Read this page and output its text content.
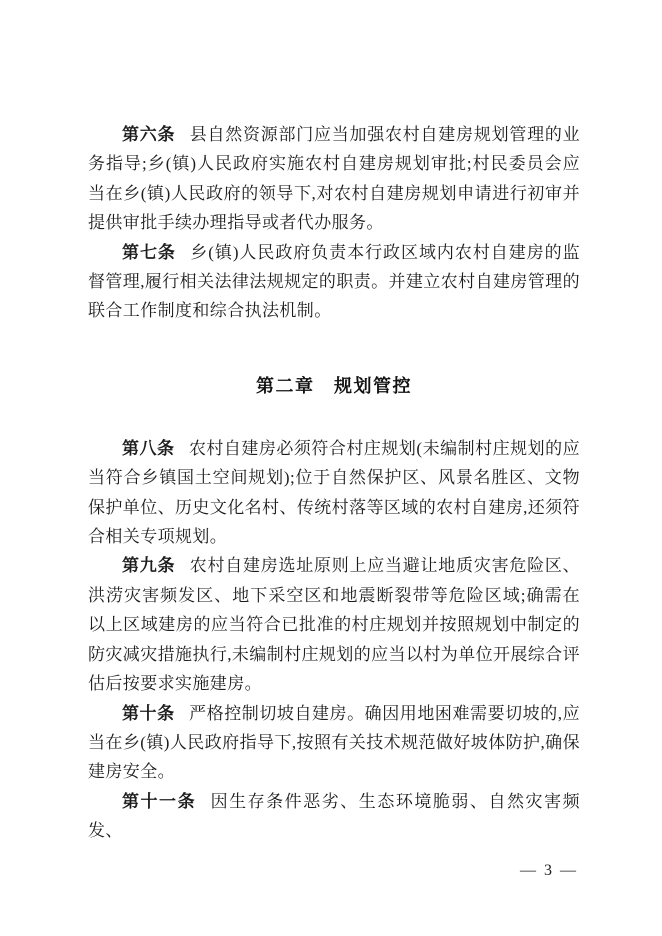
第六条 县自然资源部门应当加强农村自建房规划管理的业务指导;乡(镇)人民政府实施农村自建房规划审批;村民委员会应当在乡(镇)人民政府的领导下,对农村自建房规划申请进行初审并提供审批手续办理指导或者代办服务。

第七条 乡(镇)人民政府负责本行政区域内农村自建房的监督管理,履行相关法律法规规定的职责。并建立农村自建房管理的联合工作制度和综合执法机制。

第二章　规划管控

第八条 农村自建房必须符合村庄规划(未编制村庄规划的应当符合乡镇国土空间规划);位于自然保护区、风景名胜区、文物保护单位、历史文化名村、传统村落等区域的农村自建房,还须符合相关专项规划。

第九条 农村自建房选址原则上应当避让地质灾害危险区、洪涝灾害频发区、地下采空区和地震断裂带等危险区域;确需在以上区域建房的应当符合已批准的村庄规划并按照规划中制定的防灾减灾措施执行,未编制村庄规划的应当以村为单位开展综合评估后按要求实施建房。

第十条 严格控制切坡自建房。确因用地困难需要切坡的,应当在乡(镇)人民政府指导下,按照有关技术规范做好坡体防护,确保建房安全。

第十一条 因生存条件恶劣、生态环境脆弱、自然灾害频发、

— 3 —
